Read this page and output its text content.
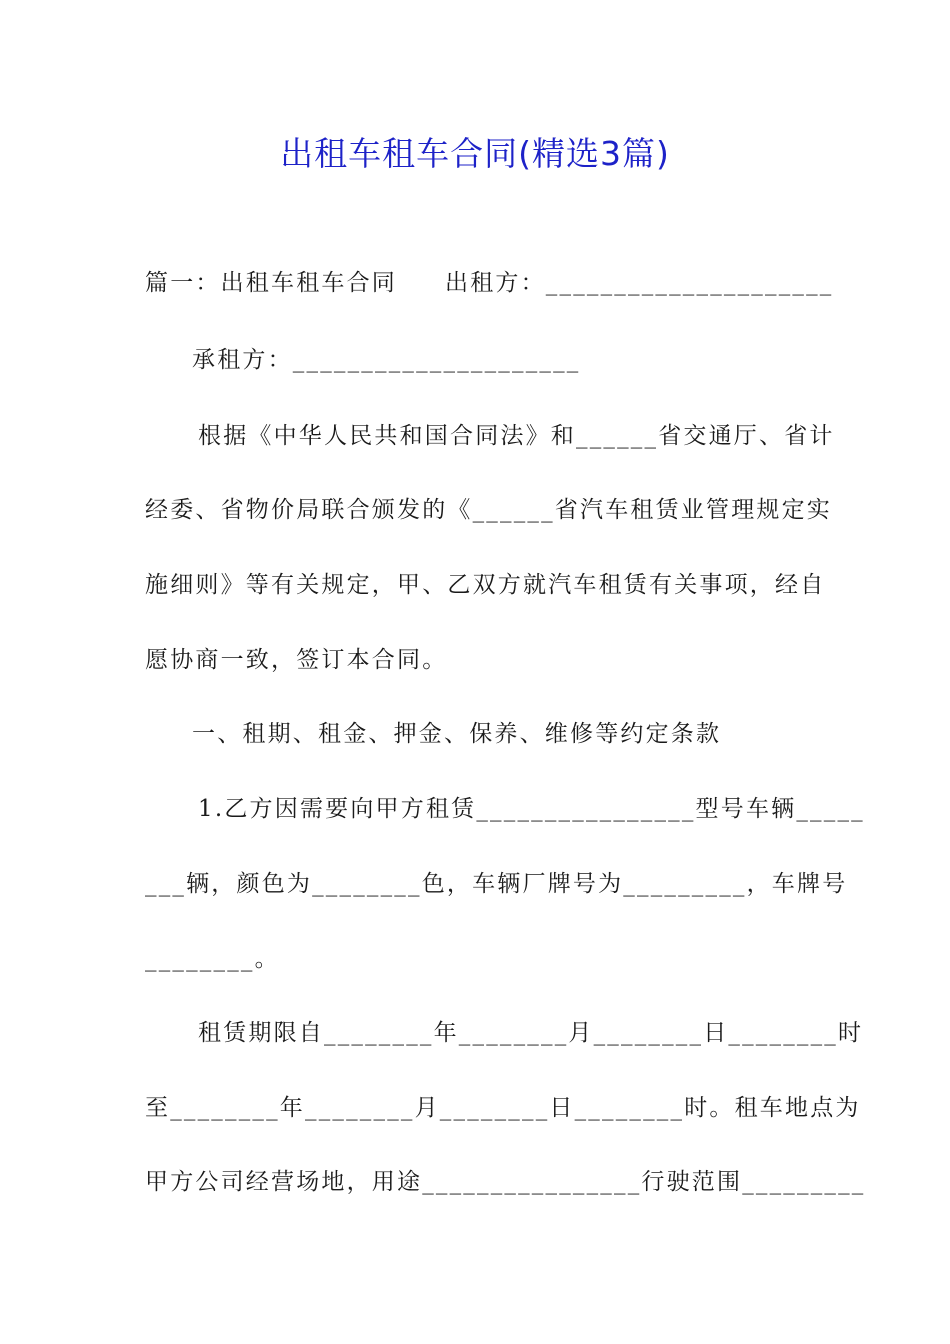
出租车租车合同(精选3篇)
篇一：出租车租车合同 出租方：_____________________
承租方：_____________________
根据《中华人民共和国合同法》和______省交通厅、省计
经委、省物价局联合颁发的《______省汽车租赁业管理规定实
施细则》等有关规定，甲、乙双方就汽车租赁有关事项，经自
愿协商一致，签订本合同。
一、租期、租金、押金、保养、维修等约定条款
1.乙方因需要向甲方租赁________________型号车辆_____
___辆，颜色为________色，车辆厂牌号为_________，车牌号
________。
租赁期限自________年________月________日________时
至________年________月________日________时。租车地点为
甲方公司经营场地，用途________________行驶范围_________
